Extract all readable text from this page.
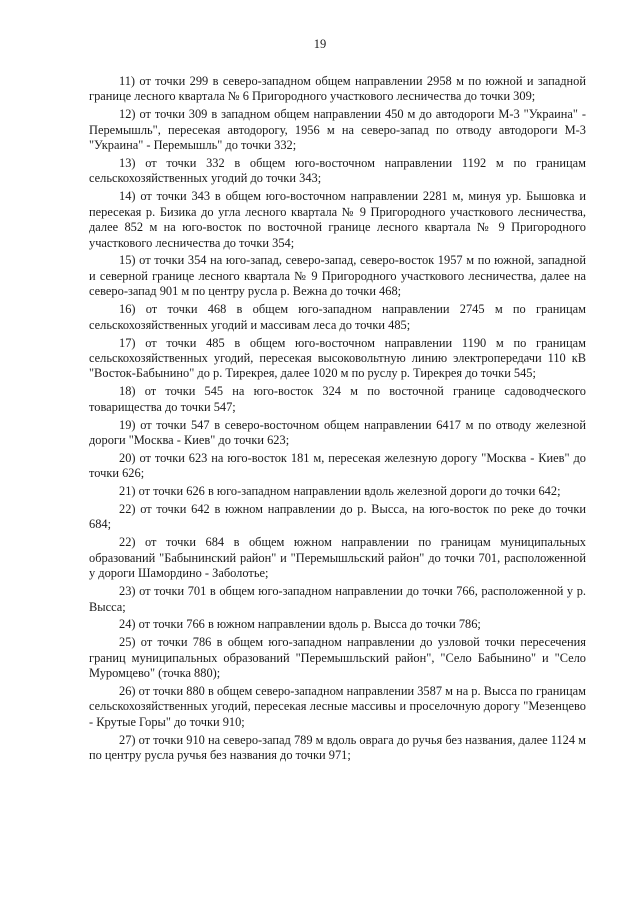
19

11) от точки 299 в северо-западном общем направлении 2958 м по южной и западной границе лесного квартала № 6 Пригородного участкового лесничества до точки 309;

12) от точки 309 в западном общем направлении 450 м до автодороги М-3 "Украина" - Перемышль", пересекая автодорогу, 1956 м на северо-запад по отводу автодороги М-3 "Украина" - Перемышль" до точки 332;

13) от точки 332 в общем юго-восточном направлении 1192 м по границам сельскохозяйственных угодий до точки 343;

14) от точки 343 в общем юго-восточном направлении 2281 м, минуя ур. Бышовка и пересекая р. Бизика до угла лесного квартала № 9 Пригородного участкового лесничества, далее 852 м на юго-восток по восточной границе лесного квартала № 9 Пригородного участкового лесничества до точки 354;

15) от точки 354 на юго-запад, северо-запад, северо-восток 1957 м по южной, западной и северной границе лесного квартала № 9 Пригородного участкового лесничества, далее на северо-запад 901 м по центру русла р. Вежна до точки 468;

16) от точки 468 в общем юго-западном направлении 2745 м по границам сельскохозяйственных угодий и массивам леса до точки 485;

17) от точки 485 в общем юго-восточном направлении 1190 м по границам сельскохозяйственных угодий, пересекая высоковольтную линию электропередачи 110 кВ "Восток-Бабынино" до р. Тирекрея, далее 1020 м по руслу р. Тирекрея до точки 545;

18) от точки 545 на юго-восток 324 м по восточной границе садоводческого товарищества до точки 547;

19) от точки 547 в северо-восточном общем направлении 6417 м по отводу железной дороги "Москва - Киев" до точки 623;

20) от точки 623 на юго-восток 181 м, пересекая железную дорогу "Москва - Киев" до точки 626;

21) от точки 626 в юго-западном направлении вдоль железной дороги до точки 642;

22) от точки 642 в южном направлении до р. Высса, на юго-восток по реке до точки 684;

22) от точки 684 в общем южном направлении по границам муниципальных образований "Бабынинский район" и "Перемышльский район" до точки 701, расположенной у дороги Шамордино - Заболотье;

23) от точки 701 в общем юго-западном направлении до точки 766, расположенной у р. Высса;

24) от точки 766 в южном направлении вдоль р. Высса до точки 786;

25) от точки 786 в общем юго-западном направлении до узловой точки пересечения границ муниципальных образований "Перемышльский район", "Село Бабынино" и "Село Муромцево" (точка 880);

26) от точки 880 в общем северо-западном направлении 3587 м на р. Высса по границам сельскохозяйственных угодий, пересекая лесные массивы и проселочную дорогу "Мезенцево - Крутые Горы" до точки 910;

27) от точки 910 на северо-запад 789 м вдоль оврага до ручья без названия, далее 1124 м по центру русла ручья без названия до точки 971;
